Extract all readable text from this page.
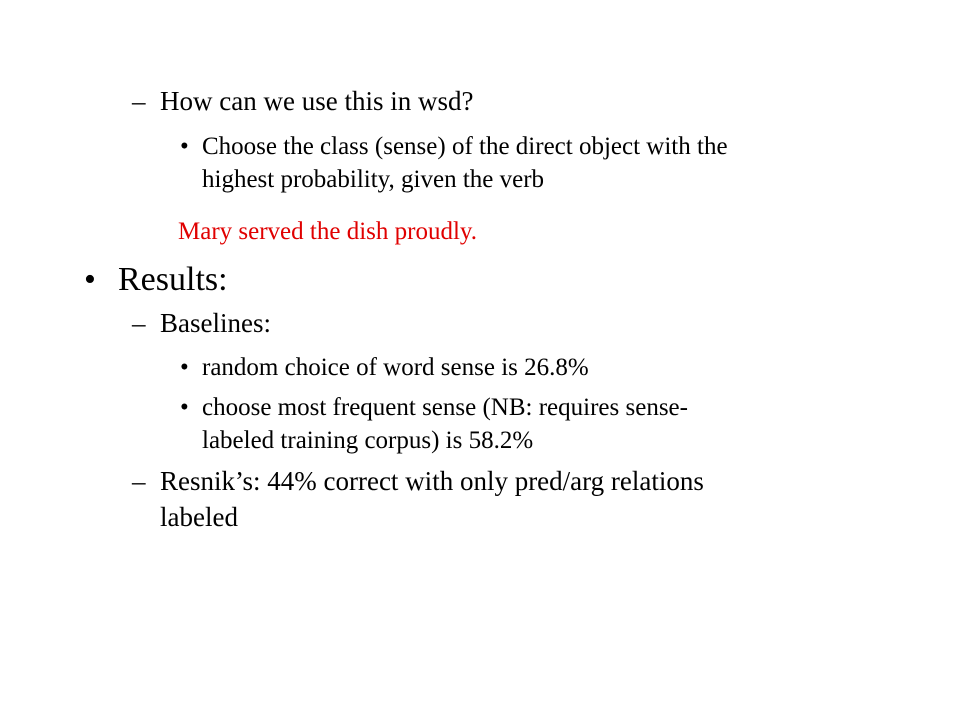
– How can we use this in wsd?
• Choose the class (sense) of the direct object with the
highest probability, given the verb
Mary served the dish proudly.
• Results:
– Baselines:
• random choice of word sense is 26.8%
• choose most frequent sense (NB: requires sense-
labeled training corpus) is 58.2%
– Resnik’s: 44% correct with only pred/arg relations
labeled
